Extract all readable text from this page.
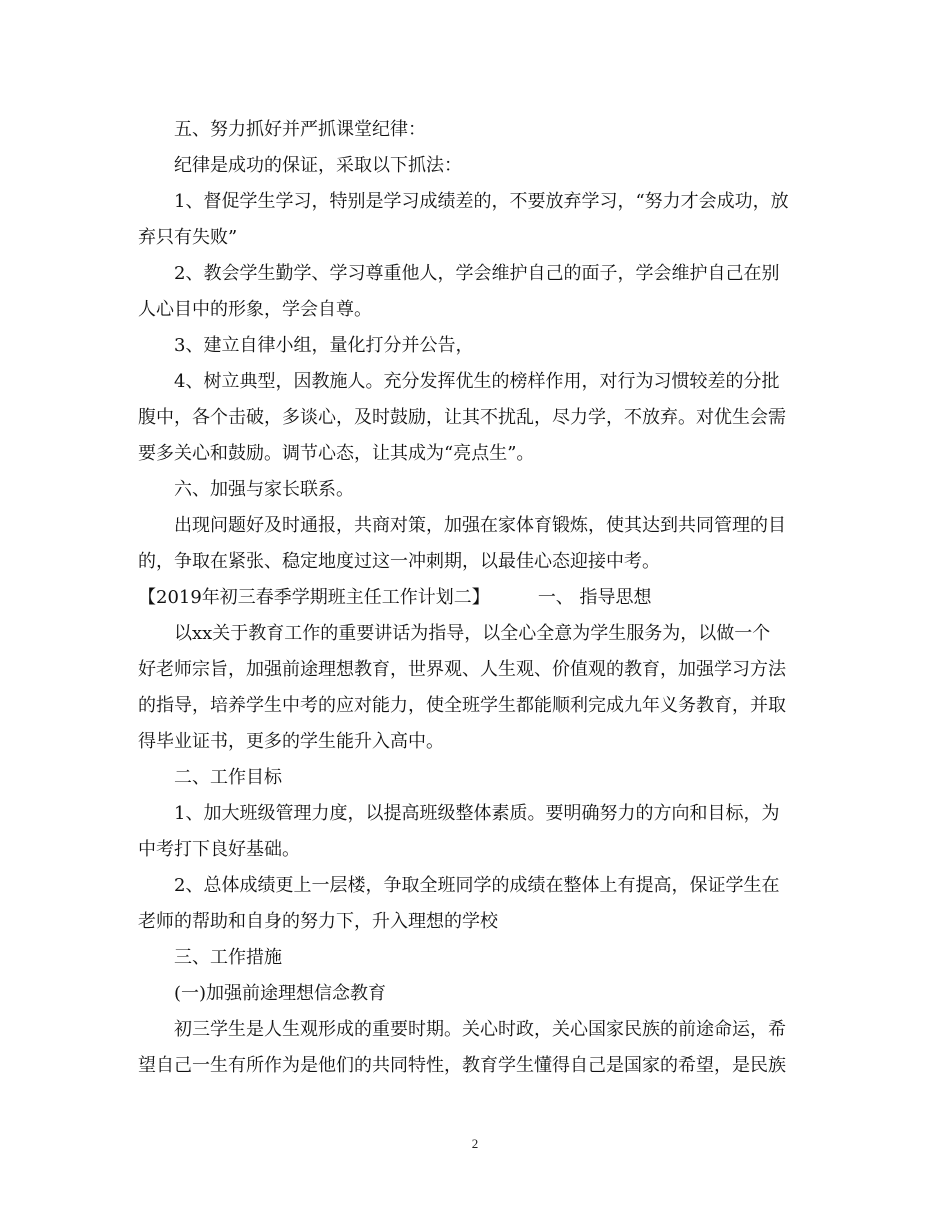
五、努力抓好并严抓课堂纪律：
纪律是成功的保证，采取以下抓法：
1、督促学生学习，特别是学习成绩差的，不要放弃学习，“努力才会成功，放
弃只有失败”
2、教会学生勤学、学习尊重他人，学会维护自己的面子，学会维护自己在别
人心目中的形象，学会自尊。
3、建立自律小组，量化打分并公告，
4、树立典型，因教施人。充分发挥优生的榜样作用，对行为习惯较差的分批
腹中，各个击破，多谈心，及时鼓励，让其不扰乱，尽力学，不放弃。对优生会需
要多关心和鼓励。调节心态，让其成为“亮点生”。
六、加强与家长联系。
出现问题好及时通报，共商对策，加强在家体育锻炼，使其达到共同管理的目
的，争取在紧张、稳定地度过这一冲刺期，以最佳心态迎接中考。
【2019年初三春季学期班主任工作计划二】	一、 指导思想
以xx关于教育工作的重要讲话为指导，以全心全意为学生服务为，以做一个
好老师宗旨，加强前途理想教育，世界观、人生观、价值观的教育，加强学习方法
的指导，培养学生中考的应对能力，使全班学生都能顺利完成九年义务教育，并取
得毕业证书，更多的学生能升入高中。
二、工作目标
1、加大班级管理力度，以提高班级整体素质。要明确努力的方向和目标，为
中考打下良好基础。
2、总体成绩更上一层楼，争取全班同学的成绩在整体上有提高，保证学生在
老师的帮助和自身的努力下，升入理想的学校
三、工作措施
(一)加强前途理想信念教育
初三学生是人生观形成的重要时期。关心时政，关心国家民族的前途命运，希
望自己一生有所作为是他们的共同特性，教育学生懂得自己是国家的希望，是民族
2
